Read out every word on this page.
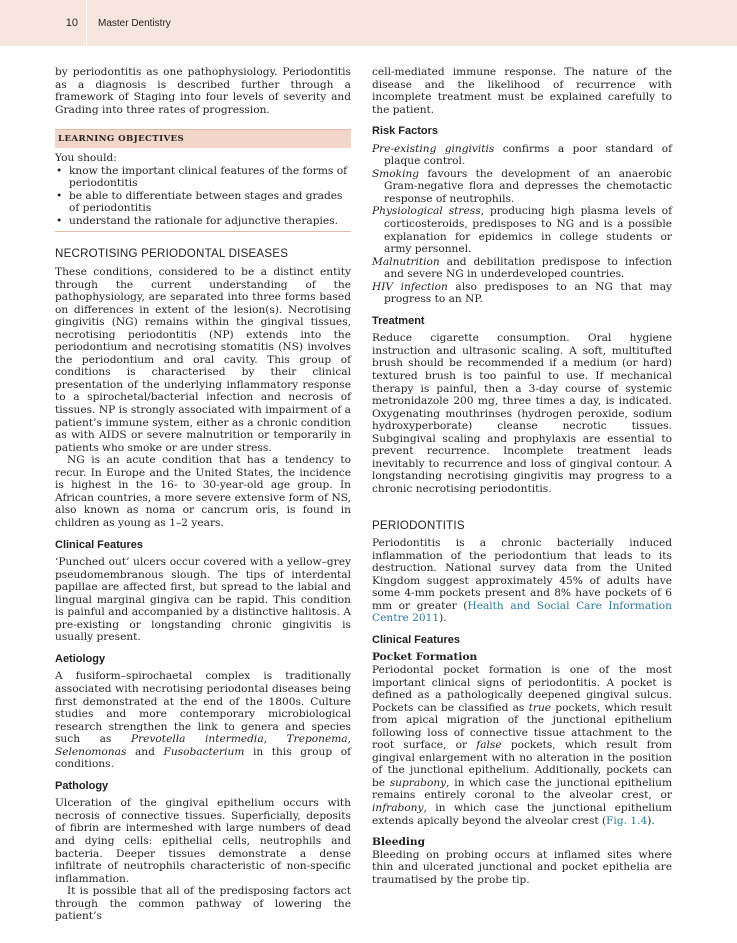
10	Master Dentistry

by periodontitis as one pathophysiology. Periodontitis as a diagnosis is described further through a framework of Staging into four levels of severity and Grading into three rates of progression.

LEARNING OBJECTIVES
You should:
• know the important clinical features of the forms of periodontitis
• be able to differentiate between stages and grades of periodontitis
• understand the rationale for adjunctive therapies.
NECROTISING PERIODONTAL DISEASES

These conditions, considered to be a distinct entity through the current understanding of the pathophysiology, are separated into three forms based on differences in extent of the lesion(s). Necrotising gingivitis (NG) remains within the gingival tissues, necrotising periodontitis (NP) extends into the periodontium and necrotising stomatitis (NS) involves the periodontium and oral cavity. This group of conditions is characterised by their clinical presentation of the underlying inflammatory response to a spirochetal/bacterial infection and necrosis of tissues. NP is strongly associated with impairment of a patient’s immune system, either as a chronic condition as with AIDS or severe malnutrition or temporarily in patients who smoke or are under stress.

NG is an acute condition that has a tendency to recur. In Europe and the United States, the incidence is highest in the 16- to 30-year-old age group. In African countries, a more severe extensive form of NS, also known as noma or cancrum oris, is found in children as young as 1–2 years.

Clinical Features

‘Punched out’ ulcers occur covered with a yellow–grey pseudomembranous slough. The tips of interdental papillae are affected first, but spread to the labial and lingual marginal gingiva can be rapid. This condition is painful and accompanied by a distinctive halitosis. A pre-existing or longstanding chronic gingivitis is usually present.

Aetiology

A fusiform–spirochaetal complex is traditionally associated with necrotising periodontal diseases being first demonstrated at the end of the 1800s. Culture studies and more contemporary microbiological research strengthen the link to genera and species such as Prevotella intermedia, Treponema, Selenomonas and Fusobacterium in this group of conditions.

Pathology

Ulceration of the gingival epithelium occurs with necrosis of connective tissues. Superficially, deposits of fibrin are intermeshed with large numbers of dead and dying cells: epithelial cells, neutrophils and bacteria. Deeper tissues demonstrate a dense infiltrate of neutrophils characteristic of non-specific inflammation.

It is possible that all of the predisposing factors act through the common pathway of lowering the patient’s

cell-mediated immune response. The nature of the disease and the likelihood of recurrence with incomplete treatment must be explained carefully to the patient.

Risk Factors
Pre-existing gingivitis confirms a poor standard of plaque control.
Smoking favours the development of an anaerobic Gram-negative flora and depresses the chemotactic response of neutrophils.
Physiological stress, producing high plasma levels of corticosteroids, predisposes to NG and is a possible explanation for epidemics in college students or army personnel.
Malnutrition and debilitation predispose to infection and severe NG in underdeveloped countries.
HIV infection also predisposes to an NG that may progress to an NP.
Treatment

Reduce cigarette consumption. Oral hygiene instruction and ultrasonic scaling. A soft, multitufted brush should be recommended if a medium (or hard) textured brush is too painful to use. If mechanical therapy is painful, then a 3-day course of systemic metronidazole 200 mg, three times a day, is indicated. Oxygenating mouthrinses (hydrogen peroxide, sodium hydroxyperborate) cleanse necrotic tissues. Subgingival scaling and prophylaxis are essential to prevent recurrence. Incomplete treatment leads inevitably to recurrence and loss of gingival contour. A longstanding necrotising gingivitis may progress to a chronic necrotising periodontitis.

PERIODONTITIS

Periodontitis is a chronic bacterially induced inflammation of the periodontium that leads to its destruction. National survey data from the United Kingdom suggest approximately 45% of adults have some 4-mm pockets present and 8% have pockets of 6 mm or greater (Health and Social Care Information Centre 2011).

Clinical Features
Pocket Formation

Periodontal pocket formation is one of the most important clinical signs of periodontitis. A pocket is defined as a pathologically deepened gingival sulcus. Pockets can be classified as true pockets, which result from apical migration of the junctional epithelium following loss of connective tissue attachment to the root surface, or false pockets, which result from gingival enlargement with no alteration in the position of the junctional epithelium. Additionally, pockets can be suprabony, in which case the junctional epithelium remains entirely coronal to the alveolar crest, or infrabony, in which case the junctional epithelium extends apically beyond the alveolar crest (Fig. 1.4).

Bleeding

Bleeding on probing occurs at inflamed sites where thin and ulcerated junctional and pocket epithelia are traumatised by the probe tip.
